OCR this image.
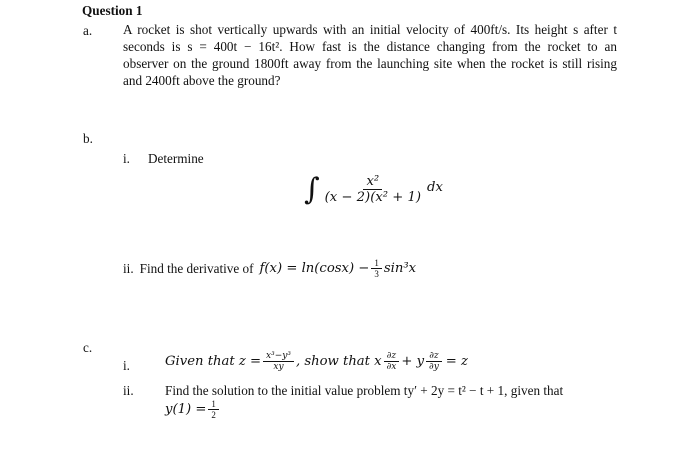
Question 1
a. A rocket is shot vertically upwards with an initial velocity of 400ft/s. Its height s after t
seconds is s = 400t − 16t². How fast is the distance changing from the rocket to an
observer on the ground 1800ft away from the launching site when the rocket is still rising
and 2400ft above the ground?
b.
i. Determine
∫ $\frac{\text{x²}}{\text{(x − 2)(x² + 1)}}$ dx
ii. Find the derivative of $f(x) = \ln(\cos x) - \frac{1}{3} \sin^3x$
c.
i.	Given that $z = \frac{\text{x³−y³}}{xy}$ , show that x $\frac{\partial z}{\partial x} + y \frac{\partial z}{\partial y} = z$
ii. Find the solution to the initial value problem ty′ + 2y = t² − t + 1, given that
$y(1) = \frac{1}{2}$
